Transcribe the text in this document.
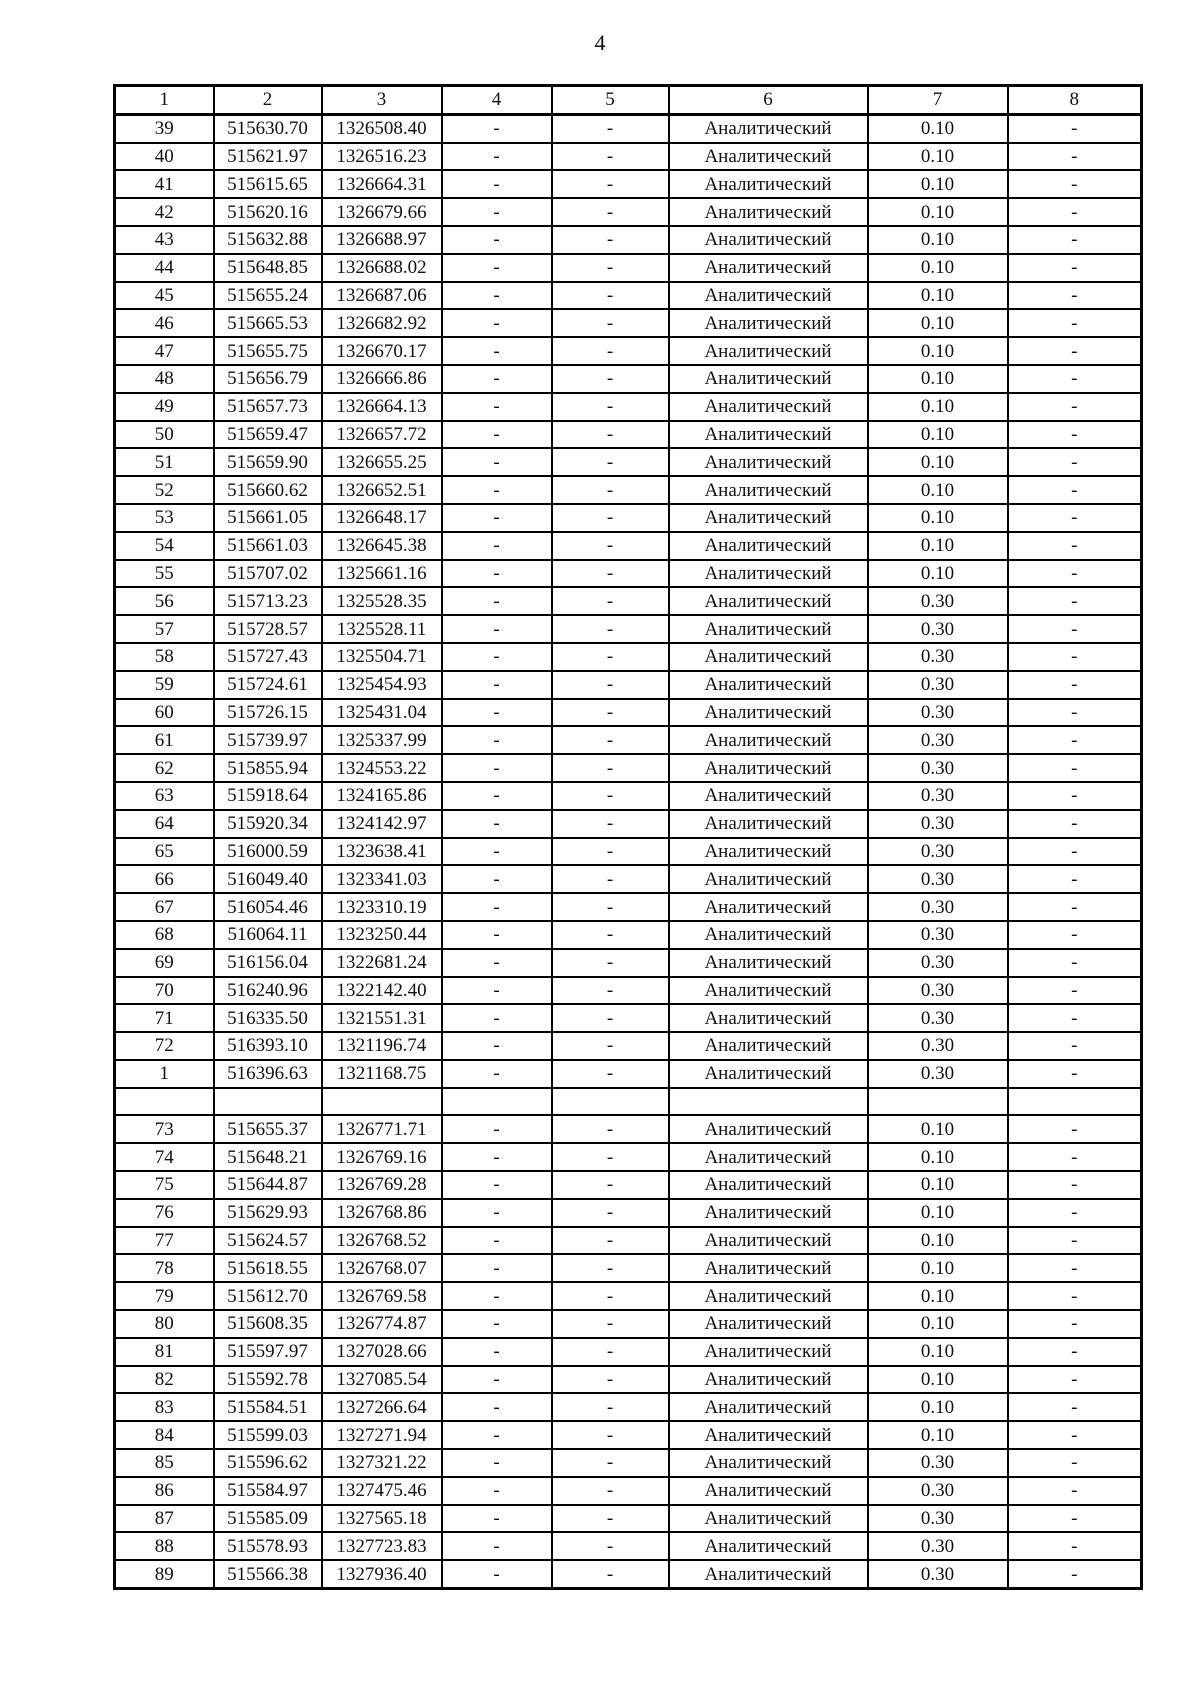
4
1	2	3	4	5	6	7	8
39	515630.70	1326508.40	-	-	Аналитический	0.10	-
40	515621.97	1326516.23	-	-	Аналитический	0.10	-
41	515615.65	1326664.31	-	-	Аналитический	0.10	-
42	515620.16	1326679.66	-	-	Аналитический	0.10	-
43	515632.88	1326688.97	-	-	Аналитический	0.10	-
44	515648.85	1326688.02	-	-	Аналитический	0.10	-
45	515655.24	1326687.06	-	-	Аналитический	0.10	-
46	515665.53	1326682.92	-	-	Аналитический	0.10	-
47	515655.75	1326670.17	-	-	Аналитический	0.10	-
48	515656.79	1326666.86	-	-	Аналитический	0.10	-
49	515657.73	1326664.13	-	-	Аналитический	0.10	-
50	515659.47	1326657.72	-	-	Аналитический	0.10	-
51	515659.90	1326655.25	-	-	Аналитический	0.10	-
52	515660.62	1326652.51	-	-	Аналитический	0.10	-
53	515661.05	1326648.17	-	-	Аналитический	0.10	-
54	515661.03	1326645.38	-	-	Аналитический	0.10	-
55	515707.02	1325661.16	-	-	Аналитический	0.10	-
56	515713.23	1325528.35	-	-	Аналитический	0.30	-
57	515728.57	1325528.11	-	-	Аналитический	0.30	-
58	515727.43	1325504.71	-	-	Аналитический	0.30	-
59	515724.61	1325454.93	-	-	Аналитический	0.30	-
60	515726.15	1325431.04	-	-	Аналитический	0.30	-
61	515739.97	1325337.99	-	-	Аналитический	0.30	-
62	515855.94	1324553.22	-	-	Аналитический	0.30	-
63	515918.64	1324165.86	-	-	Аналитический	0.30	-
64	515920.34	1324142.97	-	-	Аналитический	0.30	-
65	516000.59	1323638.41	-	-	Аналитический	0.30	-
66	516049.40	1323341.03	-	-	Аналитический	0.30	-
67	516054.46	1323310.19	-	-	Аналитический	0.30	-
68	516064.11	1323250.44	-	-	Аналитический	0.30	-
69	516156.04	1322681.24	-	-	Аналитический	0.30	-
70	516240.96	1322142.40	-	-	Аналитический	0.30	-
71	516335.50	1321551.31	-	-	Аналитический	0.30	-
72	516393.10	1321196.74	-	-	Аналитический	0.30	-
1	516396.63	1321168.75	-	-	Аналитический	0.30	-

73	515655.37	1326771.71	-	-	Аналитический	0.10	-
74	515648.21	1326769.16	-	-	Аналитический	0.10	-
75	515644.87	1326769.28	-	-	Аналитический	0.10	-
76	515629.93	1326768.86	-	-	Аналитический	0.10	-
77	515624.57	1326768.52	-	-	Аналитический	0.10	-
78	515618.55	1326768.07	-	-	Аналитический	0.10	-
79	515612.70	1326769.58	-	-	Аналитический	0.10	-
80	515608.35	1326774.87	-	-	Аналитический	0.10	-
81	515597.97	1327028.66	-	-	Аналитический	0.10	-
82	515592.78	1327085.54	-	-	Аналитический	0.10	-
83	515584.51	1327266.64	-	-	Аналитический	0.10	-
84	515599.03	1327271.94	-	-	Аналитический	0.10	-
85	515596.62	1327321.22	-	-	Аналитический	0.30	-
86	515584.97	1327475.46	-	-	Аналитический	0.30	-
87	515585.09	1327565.18	-	-	Аналитический	0.30	-
88	515578.93	1327723.83	-	-	Аналитический	0.30	-
89	515566.38	1327936.40	-	-	Аналитический	0.30	-
